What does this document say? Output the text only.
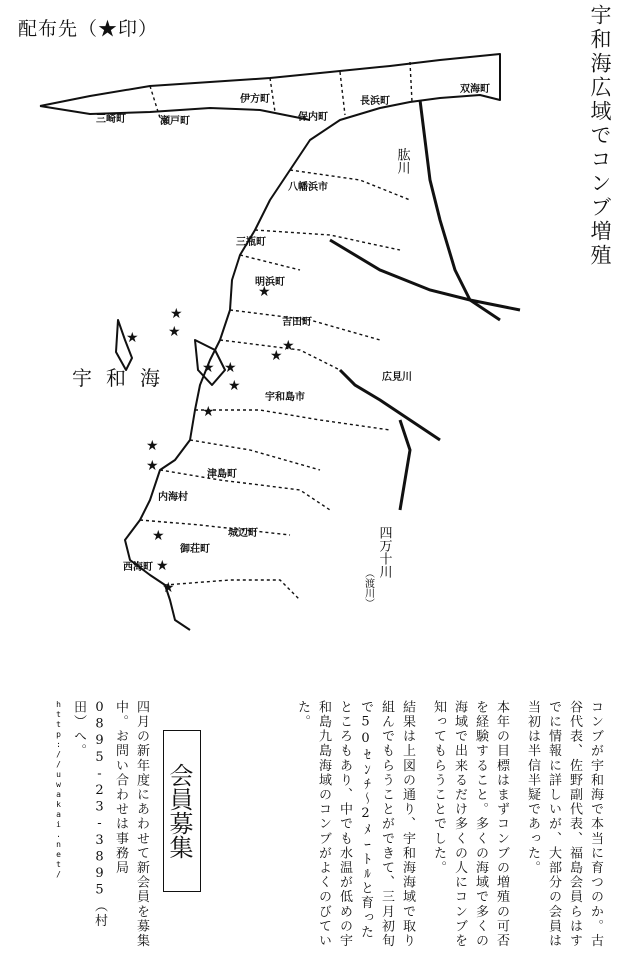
配布先（★印）	宇和海広域でコンブ増殖
宇和海
三崎町	瀬戸町
伊方町
保内町
長浜町
双海町
八幡浜市
三瓶町
明浜町
吉田町
宇和島市
津島町
内海村
城辺町
御荘町
西海町
広見川
肱川
四万十川
（渡川）
★
★ ★
★ ★
★
★
★
★
★
★
★
★
★
★
コンブが宇和海で本当に育つのか。古谷代表、佐野副代表、福島会員らはすでに情報に詳しいが、大部分の会員は当初は半信半疑であった。
本年の目標はまずコンブの増殖の可否を経験すること。多くの海域で多くの海域で出来るだけ多くの人にコンブを知ってもらうことでした。
結果は上図の通り、宇和海海域で取り組んでもらうことができて、三月初旬で50ｾﾝﾁ～2ﾒｰﾄﾙと育ったところもあり、中でも水温が低めの宇和島九島海域のコンブがよくのびていた。
会員募集
四月の新年度にあわせて新会員を募集中。お問い合わせは事務局　0895-23-3895（村田）へ。
http://uwakai.net/
